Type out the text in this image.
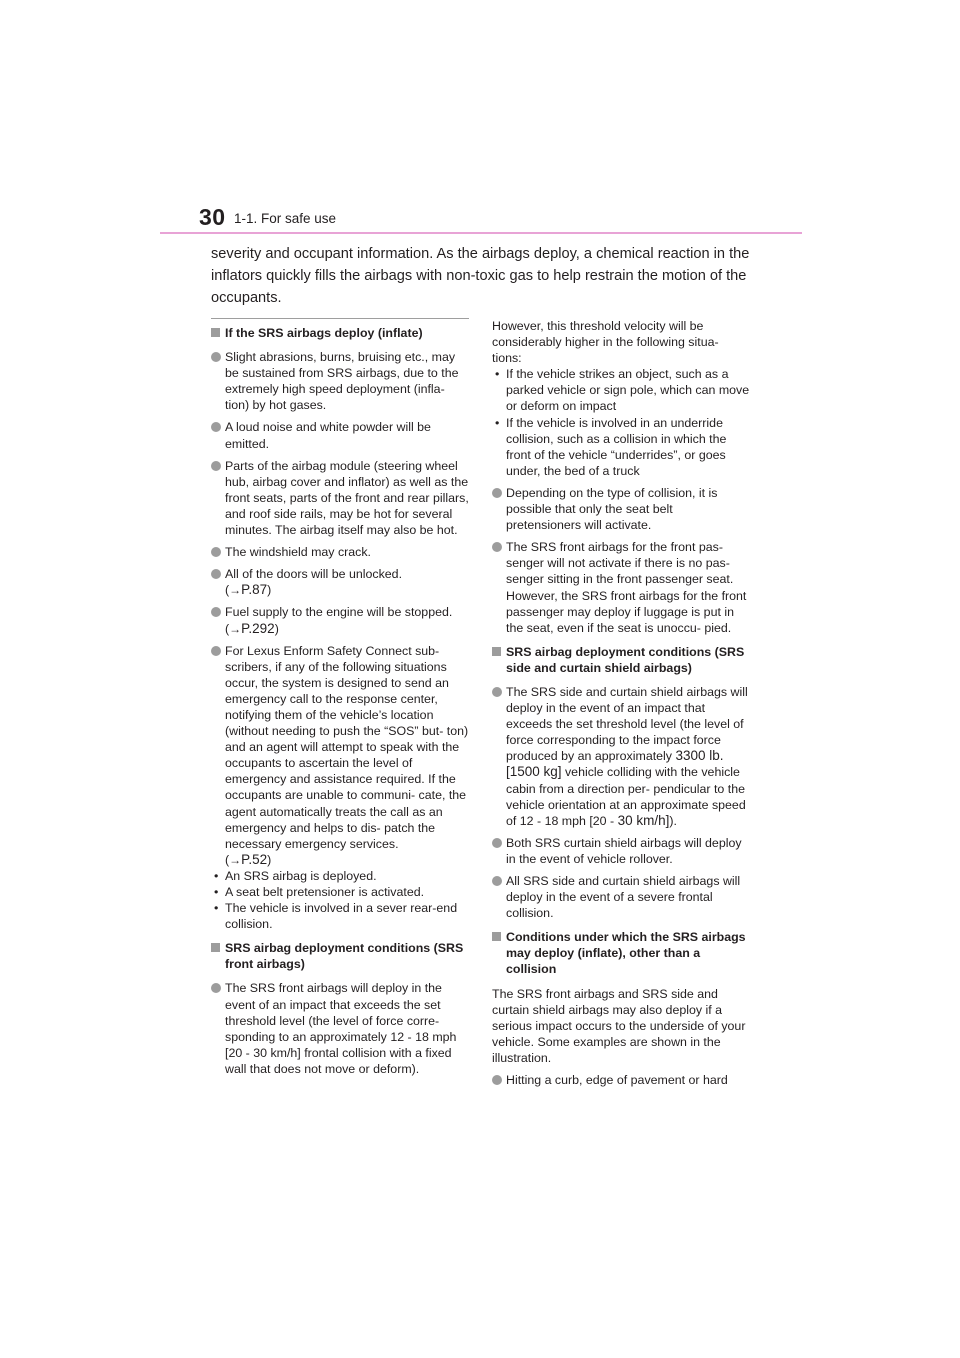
30 1-1. For safe use
severity and occupant information. As the airbags deploy, a chemical reaction in the inflators quickly fills the airbags with non-toxic gas to help restrain the motion of the occupants.
If the SRS airbags deploy (inflate)
Slight abrasions, burns, bruising etc., may be sustained from SRS airbags, due to the extremely high speed deployment (infla- tion) by hot gases.
A loud noise and white powder will be emitted.
Parts of the airbag module (steering wheel hub, airbag cover and inflator) as well as the front seats, parts of the front and rear pillars, and roof side rails, may be hot for several minutes. The airbag itself may also be hot.
The windshield may crack.
All of the doors will be unlocked.
(→P.87)
Fuel supply to the engine will be stopped.
(→P.292)
For Lexus Enform Safety Connect sub- scribers, if any of the following situations occur, the system is designed to send an emergency call to the response center, notifying them of the vehicle’s location (without needing to push the “SOS” but- ton) and an agent will attempt to speak with the occupants to ascertain the level of emergency and assistance required. If the occupants are unable to communi- cate, the agent automatically treats the call as an emergency and helps to dis- patch the necessary emergency services.
(→P.52)
• An SRS airbag is deployed.
• A seat belt pretensioner is activated.
• The vehicle is involved in a sever rear-end collision.
SRS airbag deployment conditions (SRS front airbags)
The SRS front airbags will deploy in the event of an impact that exceeds the set threshold level (the level of force corre- sponding to an approximately 12 - 18 mph [20 - 30 km/h] frontal collision with a fixed wall that does not move or deform).

However, this threshold velocity will be considerably higher in the following situa- tions:

• If the vehicle strikes an object, such as a parked vehicle or sign pole, which can move or deform on impact
• If the vehicle is involved in an underride collision, such as a collision in which the front of the vehicle “underrides”, or goes under, the bed of a truck
Depending on the type of collision, it is possible that only the seat belt pretensioners will activate.
The SRS front airbags for the front pas- senger will not activate if there is no pas- senger sitting in the front passenger seat. However, the SRS front airbags for the front passenger may deploy if luggage is put in the seat, even if the seat is unoccu- pied.
SRS airbag deployment conditions (SRS side and curtain shield airbags)
The SRS side and curtain shield airbags will deploy in the event of an impact that exceeds the set threshold level (the level of force corresponding to the impact force produced by an approximately 3300 lb. [1500 kg] vehicle colliding with the vehicle cabin from a direction per- pendicular to the vehicle orientation at an approximate speed of 12 - 18 mph [20 - 30 km/h]).
Both SRS curtain shield airbags will deploy in the event of vehicle rollover.
All SRS side and curtain shield airbags will deploy in the event of a severe frontal collision.
Conditions under which the SRS airbags may deploy (inflate), other than a collision

The SRS front airbags and SRS side and curtain shield airbags may also deploy if a serious impact occurs to the underside of your vehicle. Some examples are shown in the illustration.

Hitting a curb, edge of pavement or hard
